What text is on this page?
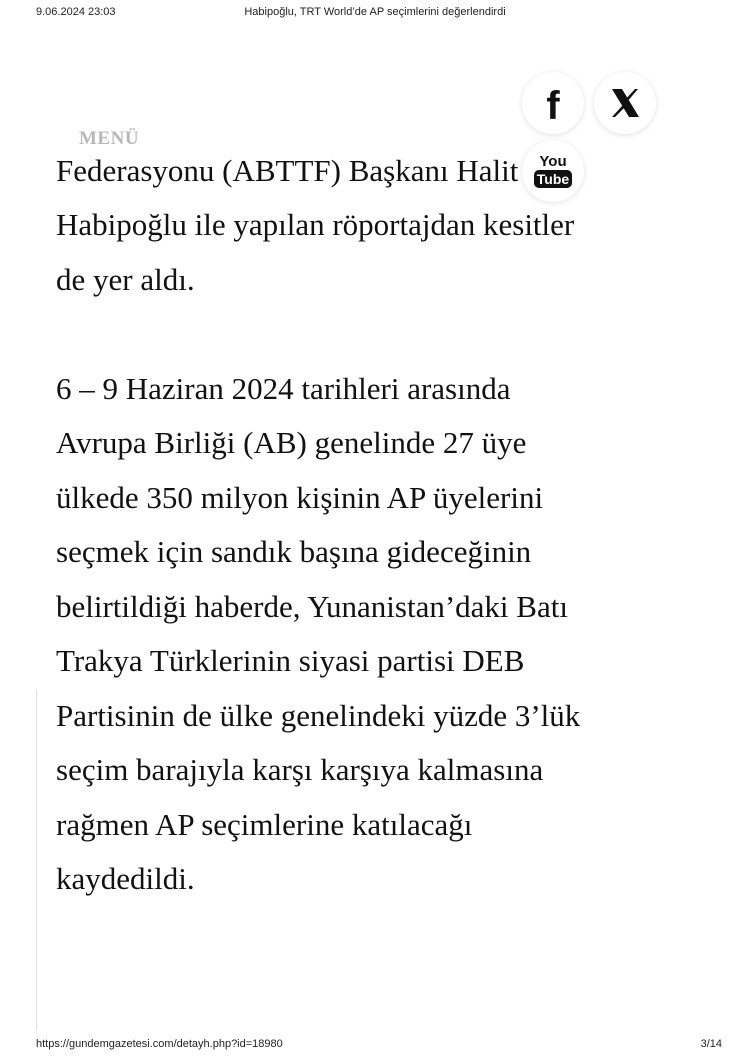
9.06.2024 23:03	Habipoğlu, TRT World’de AP seçimlerini değerlendirdi
MENÜ
f
You
Tube
Federasyonu (ABTTF) Başkanı Halit

Habipoğlu ile yapılan röportajdan kesitler
de yer aldı.

6 – 9 Haziran 2024 tarihleri arasında
Avrupa Birliği (AB) genelinde 27 üye
ülkede 350 milyon kişinin AP üyelerini
seçmek için sandık başına gideceğinin
belirtildiği haberde, Yunanistan’daki Batı
Trakya Türklerinin siyasi partisi DEB
Partisinin de ülke genelindeki yüzde 3’lük
seçim barajıyla karşı karşıya kalmasına
rağmen AP seçimlerine katılacağı
kaydedildi.

https://gundemgazetesi.com/detayh.php?id=18980	3/14
